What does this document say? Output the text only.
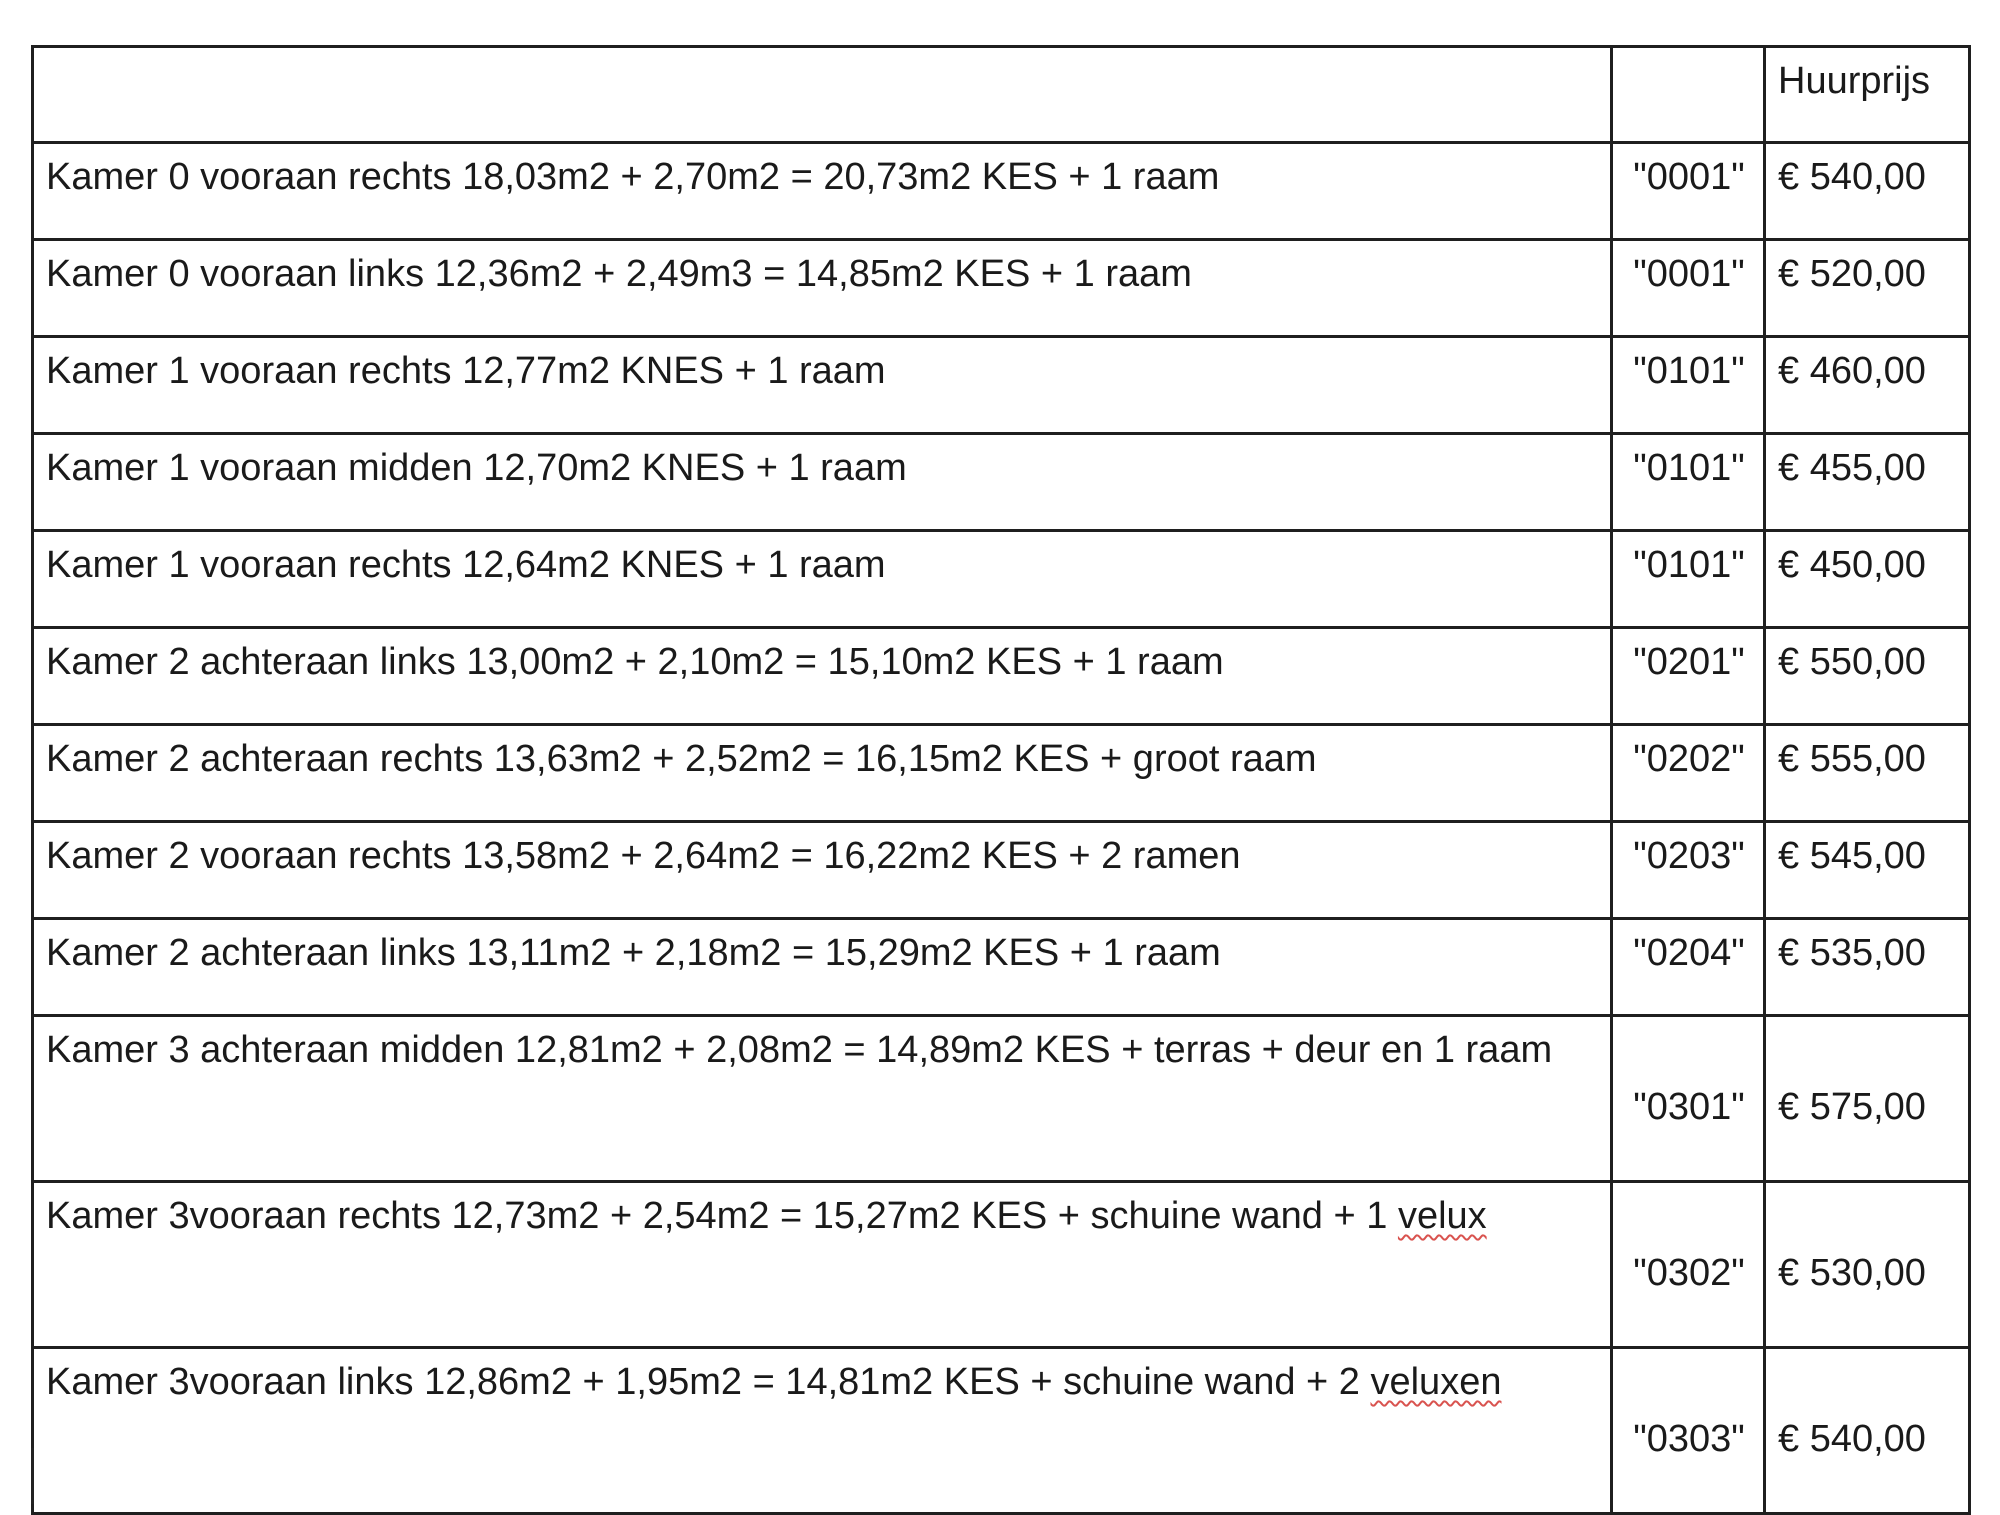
		Huurprijs
Kamer 0 vooraan rechts 18,03m2 + 2,70m2 = 20,73m2 KES + 1 raam	"0001"	€ 540,00
Kamer 0 vooraan links 12,36m2 + 2,49m3 = 14,85m2 KES + 1 raam	"0001"	€ 520,00
Kamer 1 vooraan rechts 12,77m2 KNES + 1 raam	"0101"	€ 460,00
Kamer 1 vooraan midden 12,70m2 KNES + 1 raam	"0101"	€ 455,00
Kamer 1 vooraan rechts 12,64m2 KNES + 1 raam	"0101"	€ 450,00
Kamer 2 achteraan links 13,00m2 + 2,10m2 = 15,10m2 KES + 1 raam	"0201"	€ 550,00
Kamer 2 achteraan rechts 13,63m2 + 2,52m2 = 16,15m2 KES + groot raam	"0202"	€ 555,00
Kamer 2 vooraan rechts 13,58m2 + 2,64m2 = 16,22m2 KES + 2 ramen	"0203"	€ 545,00
Kamer 2 achteraan links 13,11m2 + 2,18m2 = 15,29m2 KES + 1 raam	"0204"	€ 535,00
Kamer 3 achteraan midden 12,81m2 + 2,08m2 = 14,89m2 KES + terras + deur en 1 raam	"0301"	€ 575,00
Kamer 3vooraan rechts 12,73m2 + 2,54m2 = 15,27m2 KES + schuine wand + 1 velux	"0302"	€ 530,00
Kamer 3vooraan links 12,86m2 + 1,95m2 = 14,81m2 KES + schuine wand + 2 veluxen	"0303"	€ 540,00
